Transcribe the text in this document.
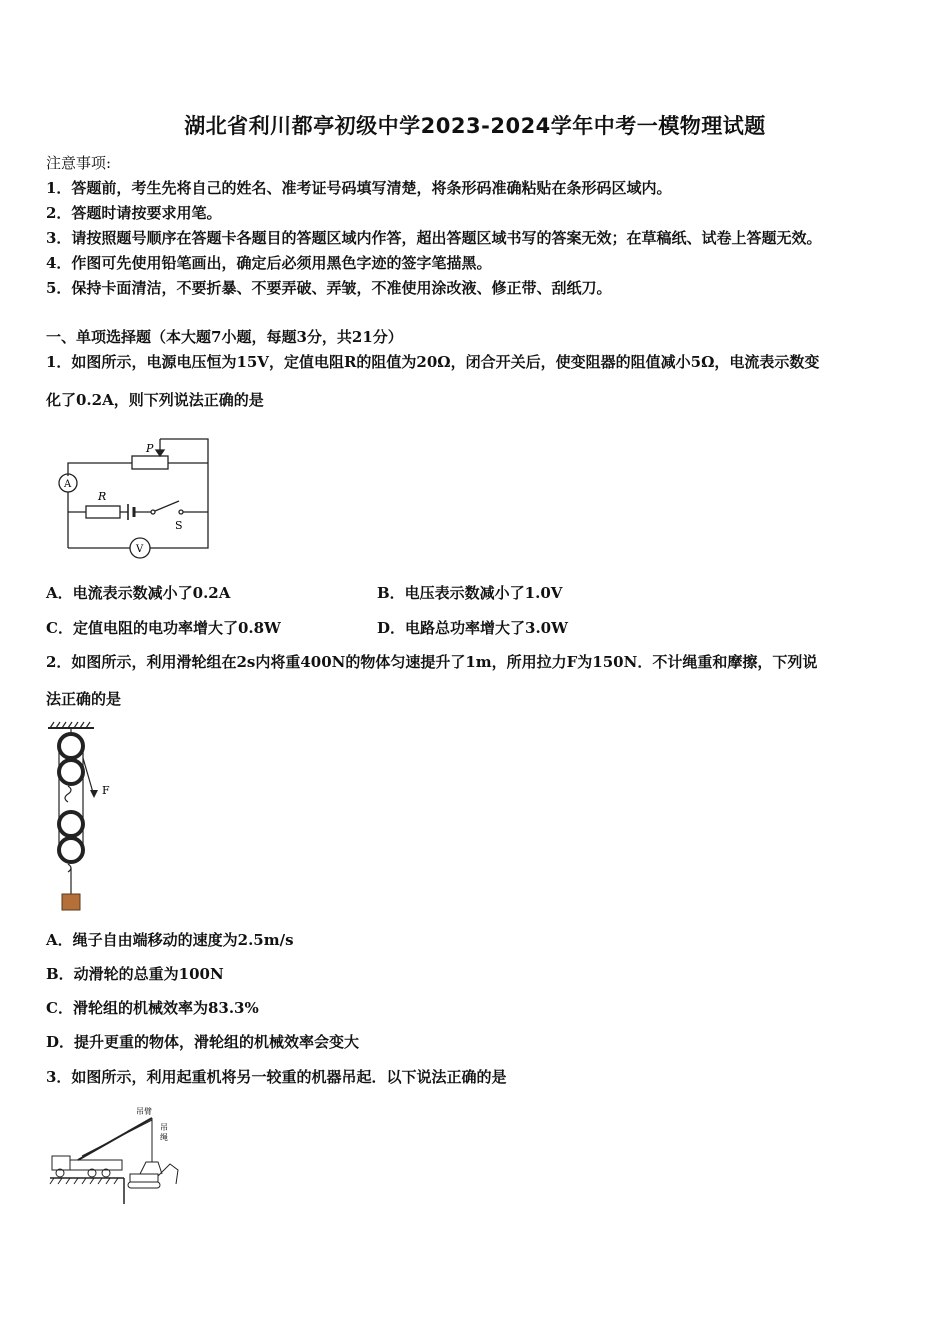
湖北省利川都亭初级中学2023-2024学年中考一模物理试题
注意事项:
1．答题前，考生先将自己的姓名、准考证号码填写清楚，将条形码准确粘贴在条形码区域内。
2．答题时请按要求用笔。
3．请按照题号顺序在答题卡各题目的答题区域内作答，超出答题区域书写的答案无效；在草稿纸、试卷上答题无效。
4．作图可先使用铅笔画出，确定后必须用黑色字迹的签字笔描黑。
5．保持卡面清洁，不要折暴、不要弄破、弄皱，不准使用涂改液、修正带、刮纸刀。
一、单项选择题（本大题7小题，每题3分，共21分）
1．如图所示，电源电压恒为15V，定值电阻R的阻值为20Ω，闭合开关后，使变阻器的阻值减小5Ω，电流表示数变
化了0.2A，则下列说法正确的是
P
A
R
S
V
A．电流表示数减小了0.2A	B．电压表示数减小了1.0V
C．定值电阻的电功率增大了0.8W	D．电路总功率增大了3.0W
2．如图所示，利用滑轮组在2s内将重400N的物体匀速提升了1m，所用拉力F为150N．不计绳重和摩擦，下列说
法正确的是
F
A．绳子自由端移动的速度为2.5m/s
B．动滑轮的总重为100N
C．滑轮组的机械效率为83.3%
D．提升更重的物体，滑轮组的机械效率会变大
3．如图所示，利用起重机将另一较重的机器吊起．以下说法正确的是
吊臂
吊
绳
